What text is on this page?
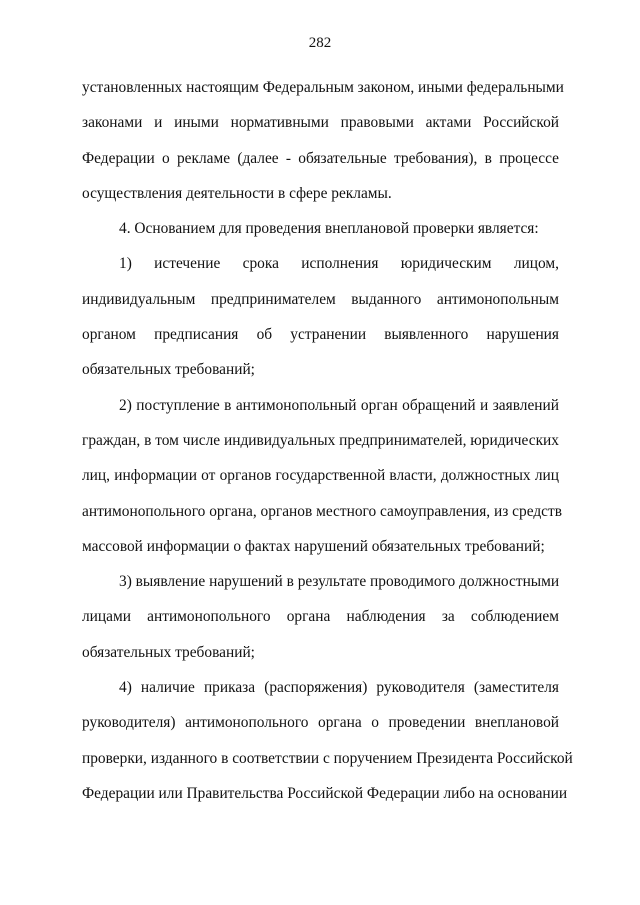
282
установленных настоящим Федеральным законом, иными федеральными
законами и иными нормативными правовыми актами Российской
Федерации о рекламе (далее - обязательные требования), в процессе
осуществления деятельности в сфере рекламы.
4. Основанием для проведения внеплановой проверки является:
1) истечение срока исполнения юридическим лицом,
индивидуальным предпринимателем выданного антимонопольным
органом предписания об устранении выявленного нарушения
обязательных требований;
2) поступление в антимонопольный орган обращений и заявлений
граждан, в том числе индивидуальных предпринимателей, юридических
лиц, информации от органов государственной власти, должностных лиц
антимонопольного органа, органов местного самоуправления, из средств
массовой информации о фактах нарушений обязательных требований;
3) выявление нарушений в результате проводимого должностными
лицами антимонопольного органа наблюдения за соблюдением
обязательных требований;
4) наличие приказа (распоряжения) руководителя (заместителя
руководителя) антимонопольного органа о проведении внеплановой
проверки, изданного в соответствии с поручением Президента Российской
Федерации или Правительства Российской Федерации либо на основании
